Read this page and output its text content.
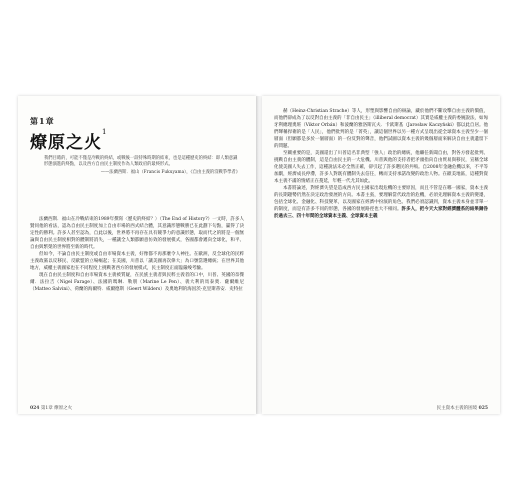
第1章
燎原之火$^1$
我們目睹的，可能不僅是冷戰的終結，或戰後一段特殊時期的結束，也是這種歷史的終結：即人類意識形態演進的終點，以及西方自由民主制度作為人類政府的最終形式。
——法蘭西斯．福山（Francis Fukuyama），《自由主義的沒戰爭學者》

法蘭西斯．福山在冷戰結束的1989年撰寫〈歷史的終結？〉（The End of History?）一文時，許多人贊同他的看法，認為自由民主制度加上自由市場的西式結合體，其意識形態戰勝已在此劃下句點，贏得了決定性的勝利。許多人甚至認為，自此以後，世界將不再存在具有競爭力的意識形態，取而代之的將是一個無論與自由民主制度相對的體制將消失，一種讓全人類都願意仿效的發展模式，各國都會邁向全球化，和平、自由與繁榮的世界將至新的時代。

但如今，不論自由民主制度或自由市場資本主義，好像都不再那麼令人神往。在歐洲，反全球化的民粹主義政黨以反移民、反歐盟的立場崛起；在美國，川普以「讓美國再次偉大」為口號當選總統；在世界其他地方，威權主義國家也在不同程度上挑戰著西方的發展模式，民主制度正面臨嚴峻考驗。

現在自由民主制度和自由市場資本主義被質疑，在民族主義者與民粹主義者的口中，川普、英國的奈傑爾．法拉吉（Nigel Farage）、法國的瑪琳．勒朋（Marine Le Pen）、義大利的馬泰奧．薩爾維尼（Matteo Salvini）、荷蘭的海爾特．威爾德斯（Geert Wilders）及奧地利的海因茨-克里斯蒂安．史特拉

024 第1章 燎原之火

赫（Heinz-Christian Strache）等人，形塑與影響自由的辯論，藏於他們不斷攻擊自由主義的價值，而他們卻成為了以反對自由主義的「非自由民主」（illiberal democrat）其實是威權主義的委婉說法，如匈牙利總理奧班（Viktor Orbán）和波蘭的雅洛斯瓦夫．卡欽斯基（Jarosław Kaczyński）都以此自居。他們聲稱捍衛的是「人民」，他們批判的是「菁英」，讓這個世界以另一種方式呈現出從全球資本主義至少一個層面（但願都是多於一個層面）的一份反對的聲音，他們試圖以資本主義的幾個層面來解決自由主義遺留下的問題。

至關重要的是，美國還出了川普這名非典型「強人」政治的總統，他繼任新聞自由，對各方發起批判、挑戰自由主義的體制，這是自由民主的一大危機。川普與他的支持者把矛頭指向自由貿易與移民，宣稱全球化使美國人失去工作，這種說法未必全然正確，卻引起了許多選民的共鳴。自2008年金融危機以來，不平等加劇，經濟成長停滯，許多人對既有體制失去信任，轉而支持承諾改變的政治人物。在歐美地區，這種對資本主義不滿的情緒正在蔓延，年輕一代尤其如此。

本書將論述，對經濟失望是造成西方民主國家出現危機的主要原因，而且不管是在哪一國家，資本主義的長期趨勢仍然在決定政治發展的方向。本書主張，要理解當代政治的危機，必須先理解資本主義的變遷，包括全球化、金融化、科技變革，以及國家在經濟中扮演的角色。我們必須認識到，資本主義本身並非單一的制度，而是有許多不同的形態，各國的發展路徑也大不相同。許多人，把今天大家對經濟體系的結果歸咎於過去三、四十年間的全球資本主義、全球資本主義

民主資本主義的困境 025
